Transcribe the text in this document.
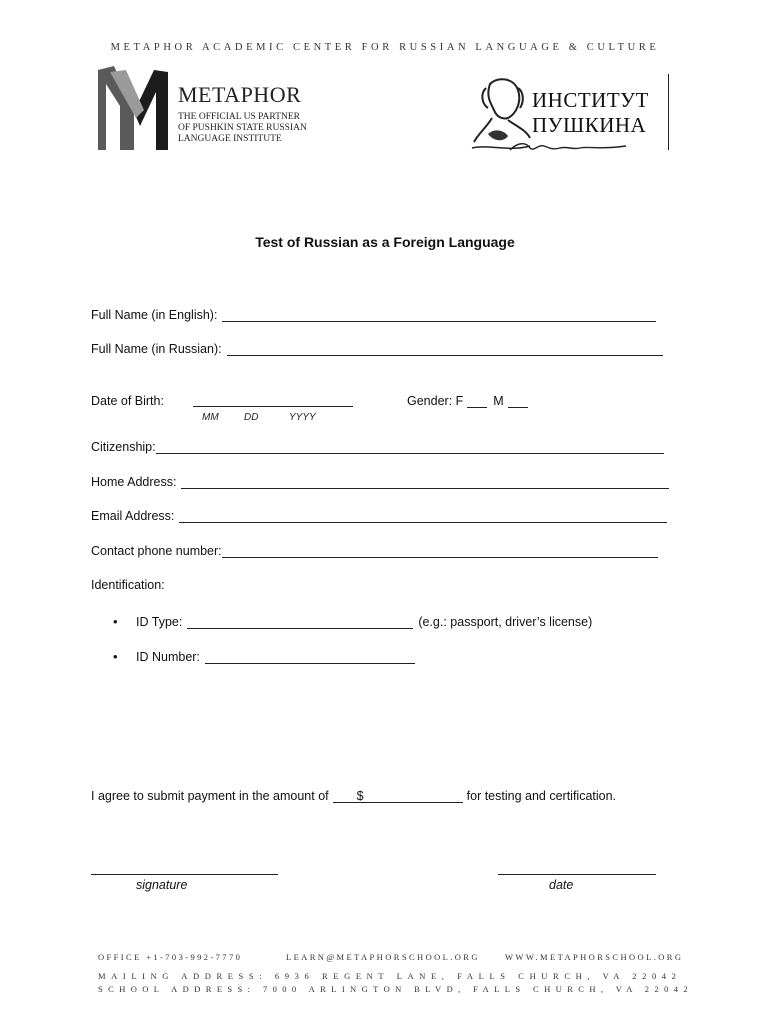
METAPHOR ACADEMIC CENTER FOR RUSSIAN LANGUAGE & CULTURE
METAPHOR
THE OFFICIAL US PARTNER
OF PUSHKIN STATE RUSSIAN
LANGUAGE INSTITUTE
ИНСТИТУТ
ПУШКИНА
Test of Russian as a Foreign Language
Full Name (in English):
Full Name (in Russian):
Date of Birth:
MM	DD	YYYY
Gender: F M
Citizenship:
Home Address:
Email Address:
Contact phone number:
Identification:
• ID Type:	(e.g.: passport, driver’s license)
• ID Number:
I agree to submit payment in the amount of $	for testing and certification.
signature	date
OFFICE +1-703-992-7770	LEARN@METAPHORSCHOOL.ORG	WWW.METAPHORSCHOOL.ORG
MAILING ADDRESS: 6936 REGENT LANE, FALLS CHURCH, VA 22042
SCHOOL ADDRESS: 7000 ARLINGTON BLVD, FALLS CHURCH, VA 22042
